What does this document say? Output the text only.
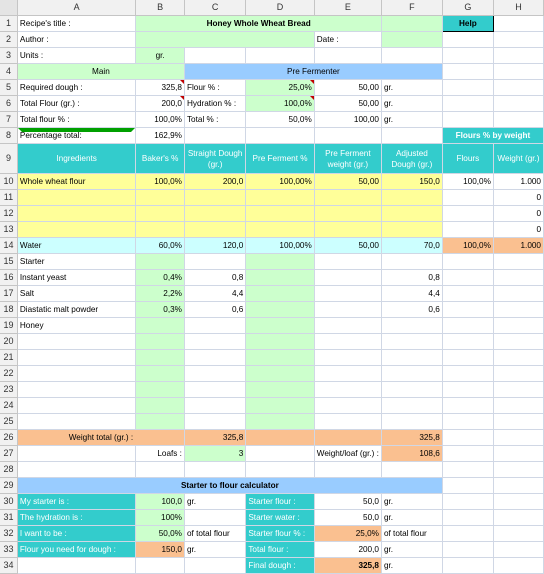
	A	B	C	D	E	F	G	H
1	Recipe's title :	Honey Whole Wheat Bread					Help	
2	Author :				Date :			
3	Units :	gr.						
4	Main		Pre Fermenter					
5	Required dough :	325,8	Flour % :	25,0%	50,00	gr.		
6	Total Flour (gr.) :	200,0	Hydration % :	100,0%	50,00	gr.		
7	Total flour % :	100,0%	Total % :	50,0%	100,00	gr.		
8	Percentage total:	162,9%					Flours % by weight	
9	Ingredients	Baker's %	Straight Dough (gr.)	Pre Ferment %	Pre Ferment weight (gr.)	Adjusted Dough (gr.)	Flours	Weight (gr.)
10	Whole wheat flour	100,0%	200,0	100,00%	50,00	150,0	100,0%	1.000
11								0
12								0
13								0
14	Water	60,0%	120,0	100,00%	50,00	70,0	100,0%	1.000
15	Starter							
16	Instant yeast	0,4%	0,8			0,8		
17	Salt	2,2%	4,4			4,4		
18	Diastatic malt powder	0,3%	0,6			0,6		
19	Honey							
20								
21								
22								
23								
24								
25								
26	Weight total (gr.) :		325,8			325,8		
27		Loafs :	3		Weight/loaf (gr.) :	108,6		
28								
29	Starter to flour calculator							
30	My starter is :	100,0	gr.	Starter flour :	50,0	gr.		
31	The hydration is :	100%		Starter water :	50,0	gr.		
32	I want to be :	50,0%	of total flour	Starter flour % :	25,0%	of total flour		
33	Flour you need for dough :	150,0	gr.	Total flour :	200,0	gr.		
34				Final dough :	325,8	gr.		
